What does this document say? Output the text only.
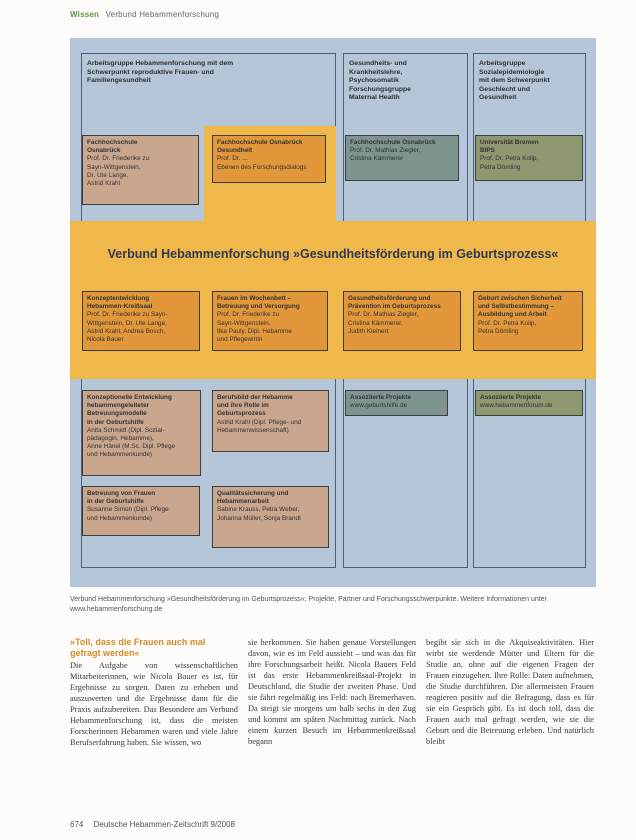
Wissen Verbund Hebammenforschung
Arbeitsgruppe Hebammenforschung mit dem
Schwerpunkt reproduktive Frauen- und
Familiengesundheit
Gesundheits- und
Krankheitslehre,
Psychosomatik
Forschungsgruppe
Maternal Health
Arbeitsgruppe
Sozialepidemiologie
mit dem Schwerpunkt
Geschlecht und
Gesundheit
Fachhochschule
Osnabrück
Prof. Dr. Friederike zu
Sayn-Wittgenstein,
Dr. Ute Lange,
Astrid Krahl
Fachhochschule Osnabrück
Gesundheit
Prof. Dr. ...
Ebenen des Forschungsdialogs
Fachhochschule Osnabrück
Prof. Dr. Mathias Ziegler,
Cristina Kämmerer
Universität Bremen
BIPS
Prof. Dr. Petra Kolip,
Petra Dömling
Verbund Hebammenforschung »Gesundheitsförderung im Geburtsprozess«
Konzeptentwicklung
Hebammen-Kreißsaal
Prof. Dr. Friederike zu Sayn-
Wittgenstein, Dr. Ute Lange,
Astrid Krahl, Andrea Bosch,
Nicola Bauer
Frauen im Wochenbett –
Betreuung und Versorgung
Prof. Dr. Friederike zu
Sayn-Wittgenstein,
Ilka Pauly, Dipl. Hebamme
und Pflegewirtin
Gesundheitsförderung und
Prävention im Geburtsprozess
Prof. Dr. Mathias Ziegler,
Cristina Kämmerer,
Judith Kleinert
Geburt zwischen Sicherheit
und Selbstbestimmung –
Ausbildung und Arbeit
Prof. Dr. Petra Kolip,
Petra Dömling
Konzeptionelle Entwicklung
hebammengeleiteter
Betreuungsmodelle
in der Geburtshilfe
Anita Schmidt (Dipl. Sozial-
pädagogin, Hebamme),
Anne Hänel (M.Sc. Dipl. Pflege
und Hebammenkunde)
Berufsbild der Hebamme
und ihre Rolle im
Geburtsprozess
Astrid Krahl (Dipl. Pflege- und
Hebammenwissenschaft)
Assoziierte Projekte
www.geburtshilfe.de
Assoziierte Projekte
www.hebammenforum.de
Betreuung von Frauen
in der Geburtshilfe
Susanne Simon (Dipl. Pflege
und Hebammenkunde)
Qualitätssicherung und
Hebammenarbeit
Sabine Krauss, Petra Weber,
Johanna Müller, Sonja Brandt
Verbund Hebammenforschung »Gesundheitsförderung im Geburtsprozess«: Projekte, Partner und Forschungsschwerpunkte. Weitere Informationen unter www.hebammenforschung.de
»Toll, dass die Frauen auch mal gefragt werden«
Die Aufgabe von wissenschaftlichen Mitarbeiterinnen, wie Nicola Bauer es ist, für Ergebnisse zu sorgen. Daten zu erheben und auszuwerten und die Ergebnisse dann für die Praxis aufzubereiten. Das Besondere am Verbund Hebammenforschung ist, dass die meisten Forscherinnen Hebammen waren und viele Jahre Berufserfahrung haben. Sie wissen, wo
sie herkommen. Sie haben genaue Vorstellungen davon, wie es im Feld aussieht – und was das für ihre Forschungsarbeit heißt. Nicola Bauers Feld ist das erste Hebammenkreißsaal-Projekt in Deutschland, die Studie der zweiten Phase. Und sie fährt regelmäßig ins Feld: nach Bremerhaven. Da steigt sie morgens um halb sechs in den Zug und kommt am späten Nachmittag zurück. Nach einem kurzen Besuch im Hebammenkreißsaal begann
begibt sie sich in die Akquiseaktivitäten. Hier wirbt sie werdende Mütter und Eltern für die Studie an, ohne auf die eigenen Fragen der Frauen einzugehen. Ihre Rolle: Daten aufnehmen, die Studie durchführen. Die allermeisten Frauen reagieren positiv auf die Befragung, dass es für sie ein Gespräch gibt. Es ist doch toll, dass die Frauen auch mal gefragt werden, wie sie die Geburt und die Betreuung erleben. Und natürlich bleibt
674 Deutsche Hebammen-Zeitschrift 9/2008
